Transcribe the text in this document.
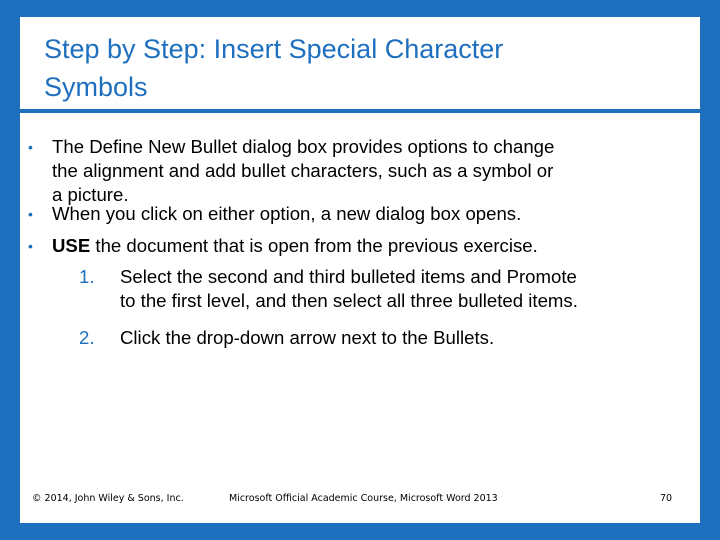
Step by Step: Insert Special Character
Symbols
• The Define New Bullet dialog box provides options to change
the alignment and add bullet characters, such as a symbol or
a picture.
• When you click on either option, a new dialog box opens.
• USE the document that is open from the previous exercise.
1. Select the second and third bulleted items and Promote
to the first level, and then select all three bulleted items.
2. Click the drop-down arrow next to the Bullets.
© 2014, John Wiley & Sons, Inc.	Microsoft Official Academic Course, Microsoft Word 2013	70
